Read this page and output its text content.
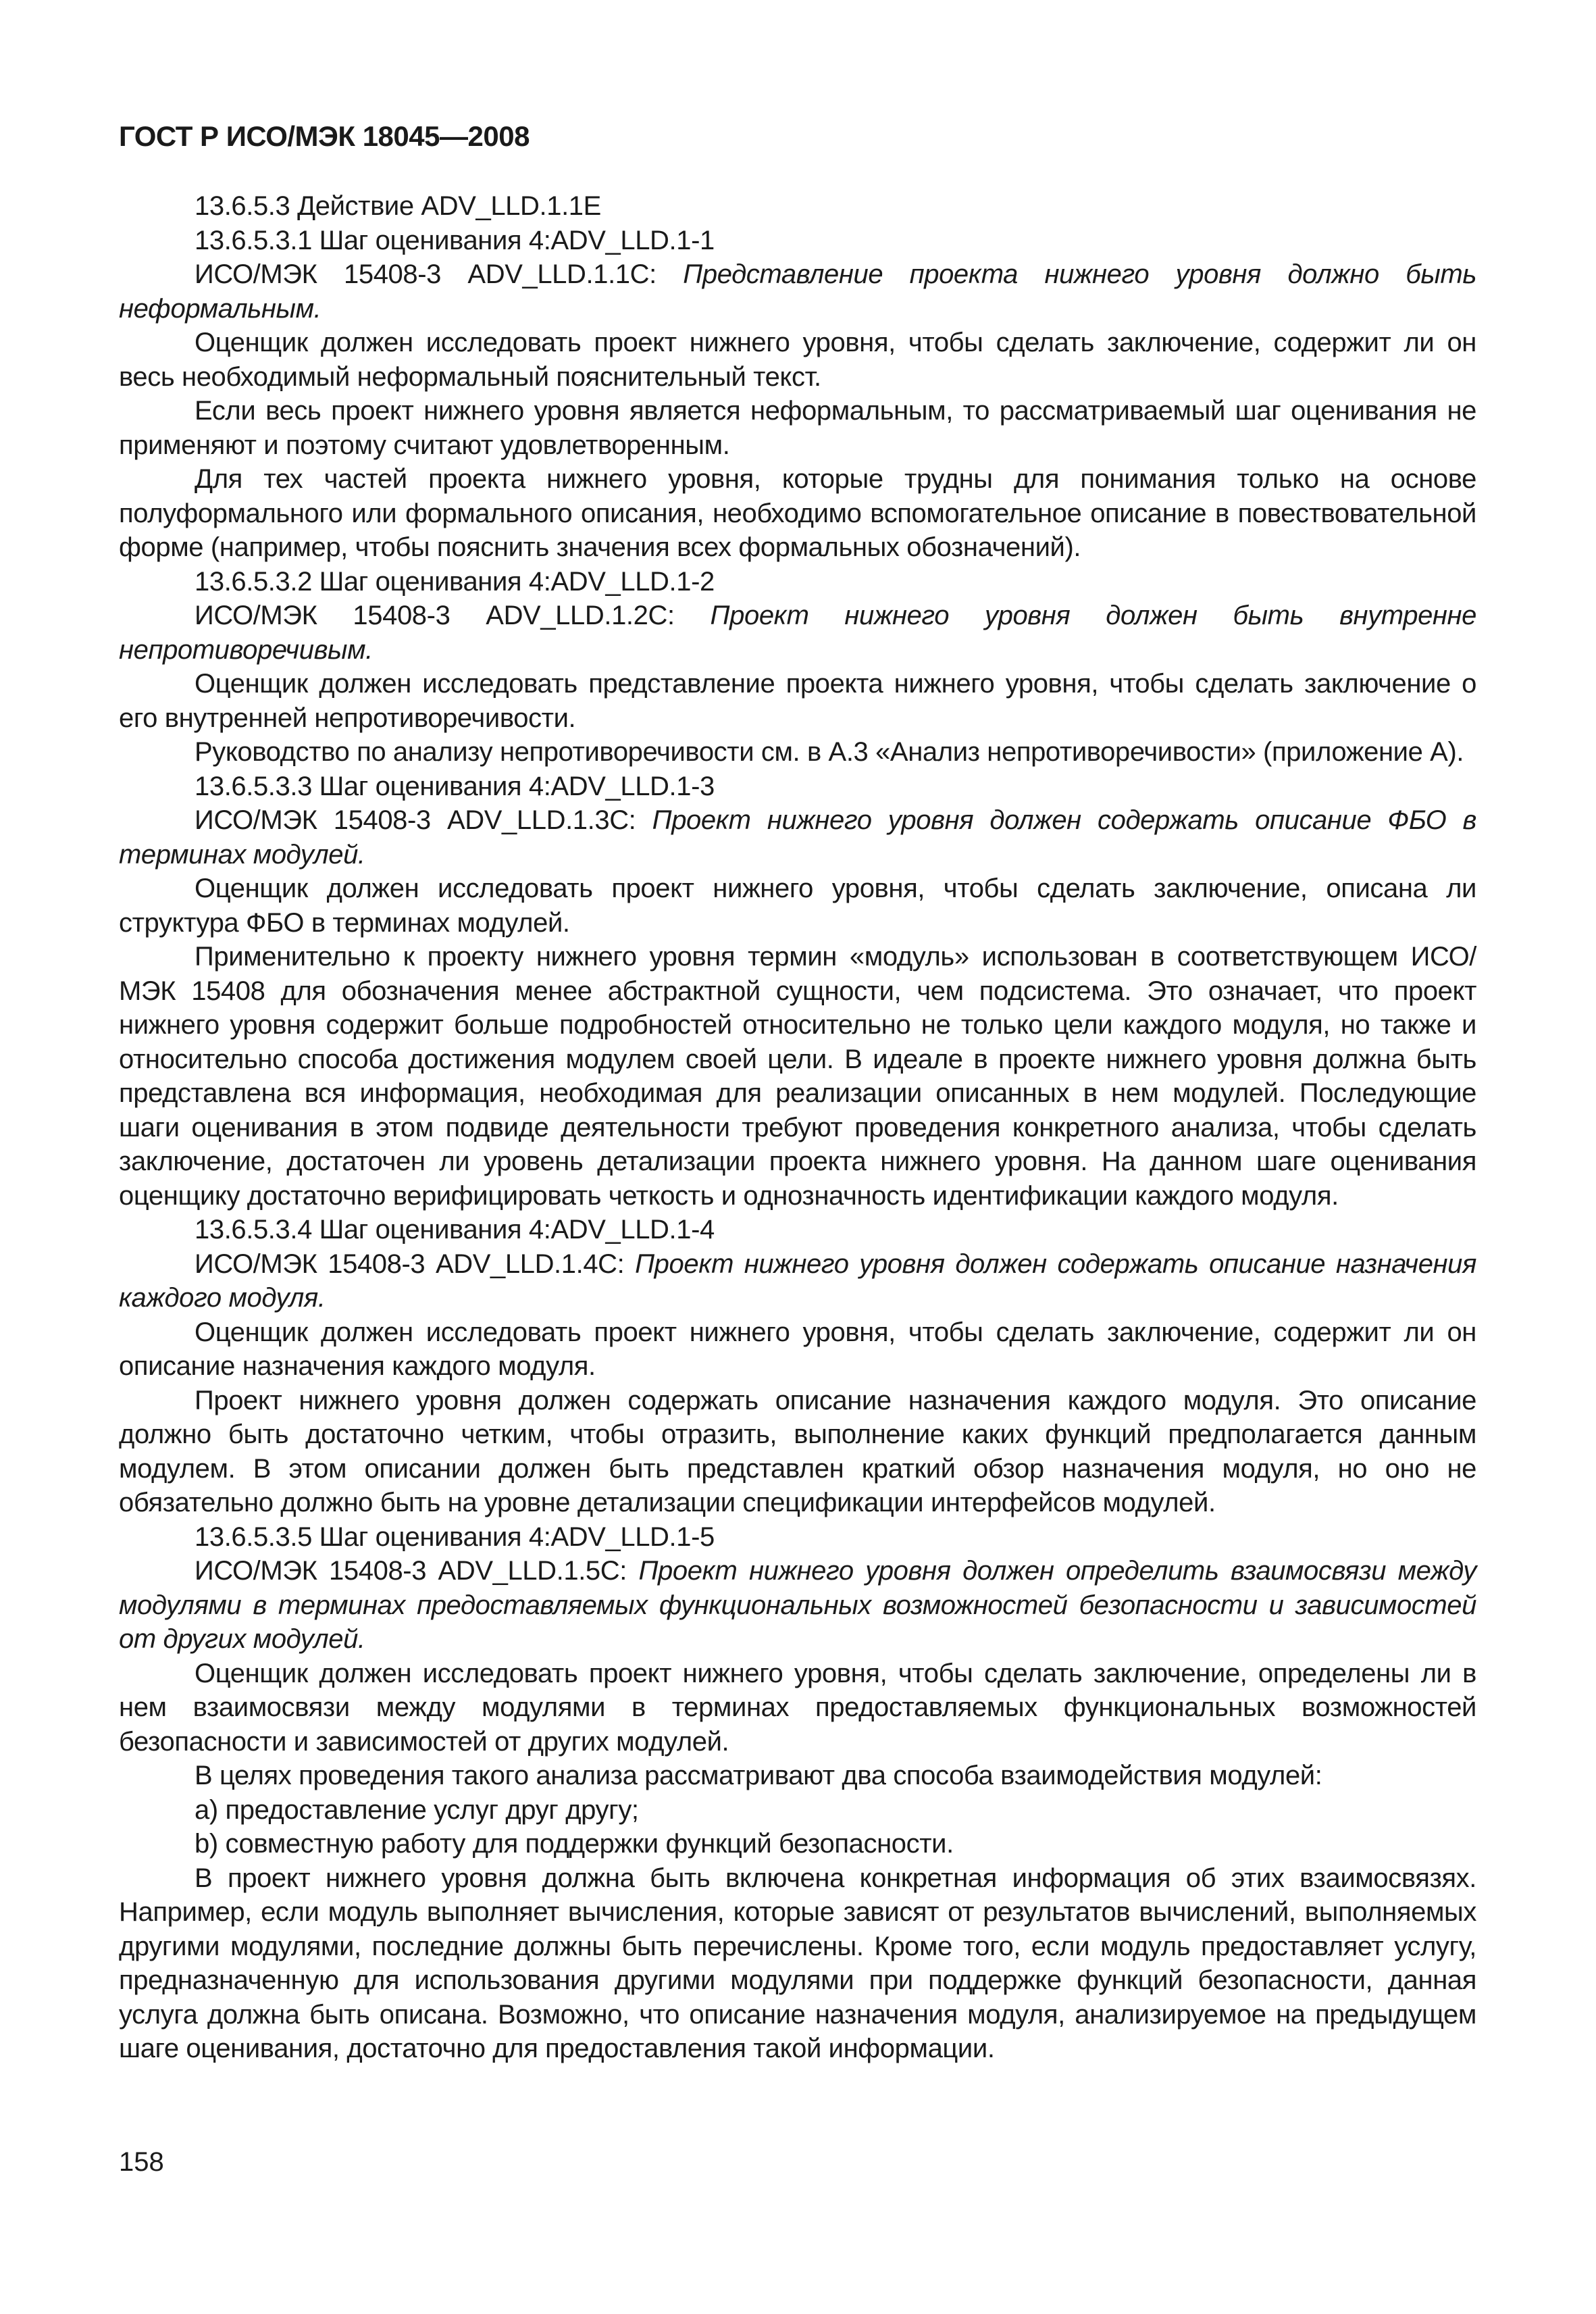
ГОСТ Р ИСО/МЭК 18045—2008

13.6.5.3 Действие ADV_LLD.1.1E

13.6.5.3.1 Шаг оценивания 4:ADV_LLD.1-1

ИСО/МЭК 15408-3 ADV_LLD.1.1С: Представление проекта нижнего уровня должно быть неформальным.

Оценщик должен исследовать проект нижнего уровня, чтобы сделать заключение, содержит ли он весь необходимый неформальный пояснительный текст.

Если весь проект нижнего уровня является неформальным, то рассматриваемый шаг оценивания не применяют и поэтому считают удовлетворенным.

Для тех частей проекта нижнего уровня, которые трудны для понимания только на основе полуформального или формального описания, необходимо вспомогательное описание в повествовательной форме (например, чтобы пояснить значения всех формальных обозначений).

13.6.5.3.2 Шаг оценивания 4:ADV_LLD.1-2

ИСО/МЭК 15408-3 ADV_LLD.1.2С: Проект нижнего уровня должен быть внутренне непротиворечивым.

Оценщик должен исследовать представление проекта нижнего уровня, чтобы сделать заключение о его внутренней непротиворечивости.

Руководство по анализу непротиворечивости см. в А.3 «Анализ непротиворечивости» (приложение А).

13.6.5.3.3 Шаг оценивания 4:ADV_LLD.1-3

ИСО/МЭК 15408-3 ADV_LLD.1.3С: Проект нижнего уровня должен содержать описание ФБО в терминах модулей.

Оценщик должен исследовать проект нижнего уровня, чтобы сделать заключение, описана ли структура ФБО в терминах модулей.

Применительно к проекту нижнего уровня термин «модуль» использован в соответствующем ИСО/МЭК 15408 для обозначения менее абстрактной сущности, чем подсистема. Это означает, что проект нижнего уровня содержит больше подробностей относительно не только цели каждого модуля, но также и относительно способа достижения модулем своей цели. В идеале в проекте нижнего уровня должна быть представлена вся информация, необходимая для реализации описанных в нем модулей. Последующие шаги оценивания в этом подвиде деятельности требуют проведения конкретного анализа, чтобы сделать заключение, достаточен ли уровень детализации проекта нижнего уровня. На данном шаге оценивания оценщику достаточно верифицировать четкость и однозначность идентификации каждого модуля.

13.6.5.3.4 Шаг оценивания 4:ADV_LLD.1-4

ИСО/МЭК 15408-3 ADV_LLD.1.4С: Проект нижнего уровня должен содержать описание назначения каждого модуля.

Оценщик должен исследовать проект нижнего уровня, чтобы сделать заключение, содержит ли он описание назначения каждого модуля.

Проект нижнего уровня должен содержать описание назначения каждого модуля. Это описание должно быть достаточно четким, чтобы отразить, выполнение каких функций предполагается данным модулем. В этом описании должен быть представлен краткий обзор назначения модуля, но оно не обязательно должно быть на уровне детализации спецификации интерфейсов модулей.

13.6.5.3.5 Шаг оценивания 4:ADV_LLD.1-5

ИСО/МЭК 15408-3 ADV_LLD.1.5С: Проект нижнего уровня должен определить взаимосвязи между модулями в терминах предоставляемых функциональных возможностей безопасности и зависимостей от других модулей.

Оценщик должен исследовать проект нижнего уровня, чтобы сделать заключение, определены ли в нем взаимосвязи между модулями в терминах предоставляемых функциональных возможностей безопасности и зависимостей от других модулей.

В целях проведения такого анализа рассматривают два способа взаимодействия модулей:

а) предоставление услуг друг другу;

b) совместную работу для поддержки функций безопасности.

В проект нижнего уровня должна быть включена конкретная информация об этих взаимосвязях. Например, если модуль выполняет вычисления, которые зависят от результатов вычислений, выполняемых другими модулями, последние должны быть перечислены. Кроме того, если модуль предоставляет услугу, предназначенную для использования другими модулями при поддержке функций безопасности, данная услуга должна быть описана. Возможно, что описание назначения модуля, анализируемое на предыдущем шаге оценивания, достаточно для предоставления такой информации.

158
